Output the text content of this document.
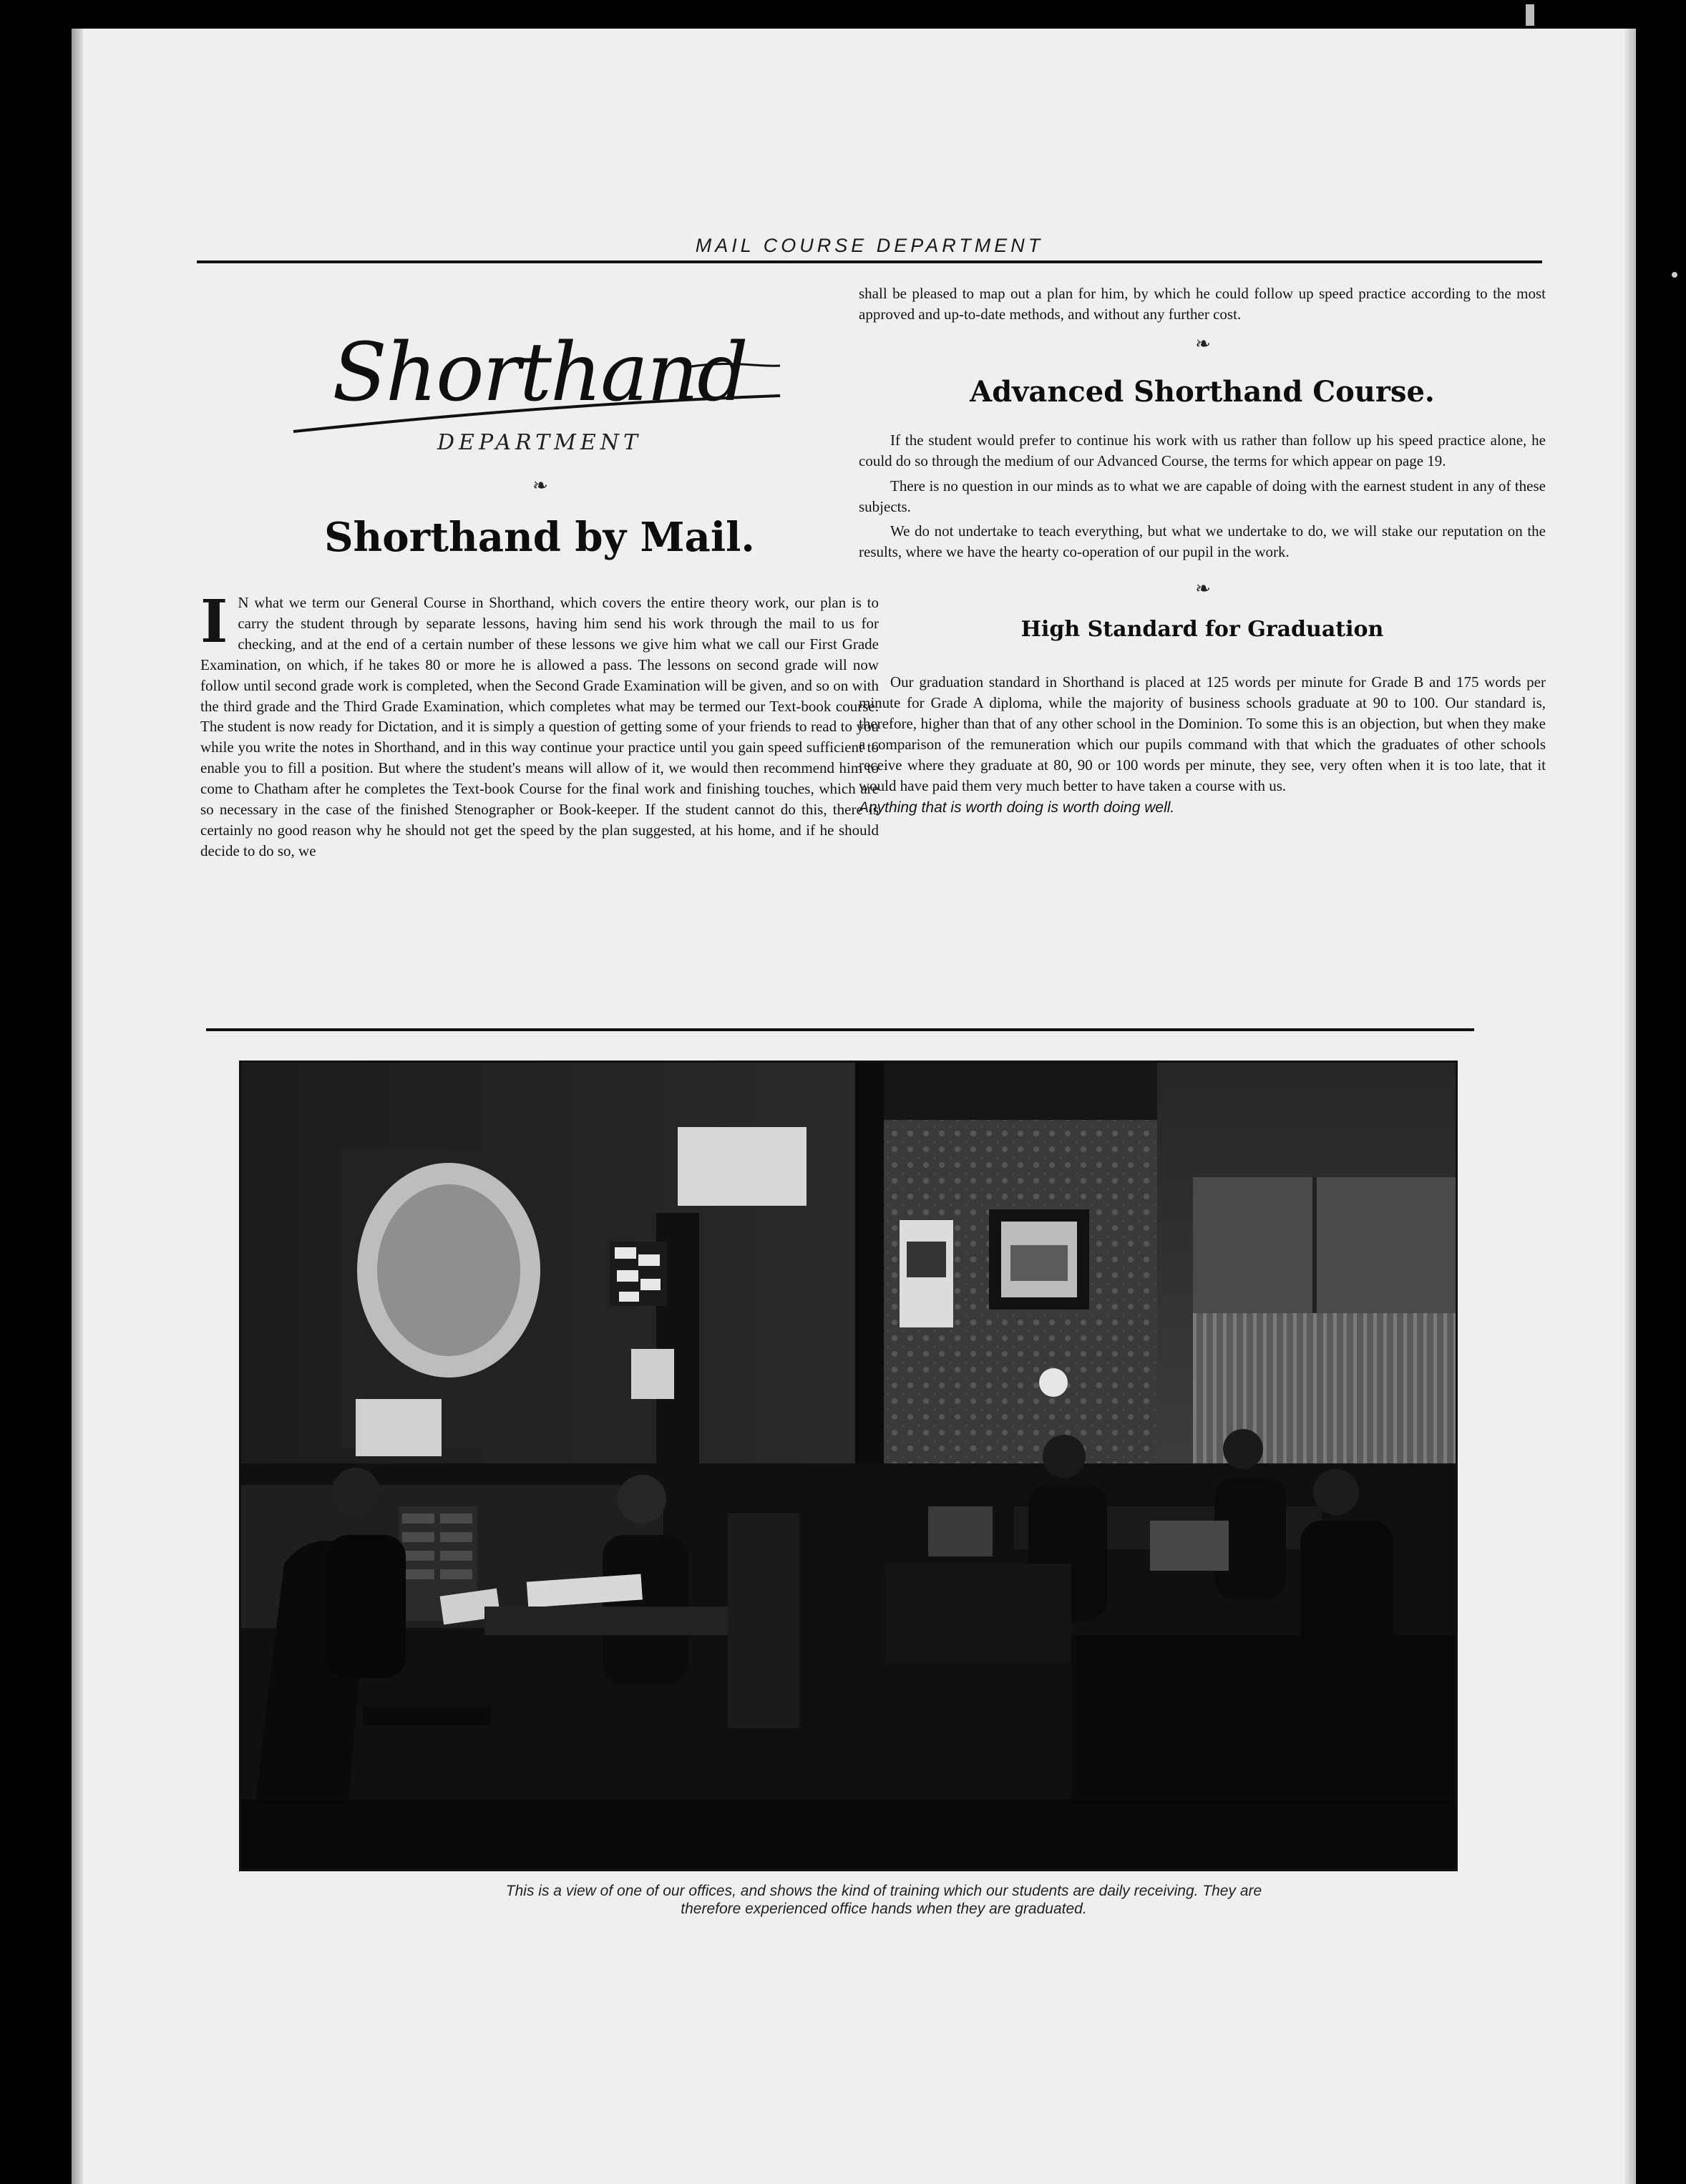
MAIL COURSE DEPARTMENT
Shorthand
DEPARTMENT
❧
Shorthand by Mail.

I N what we term our General Course in Shorthand, which covers the entire theory work, our plan is to carry the student through by separate lessons, having him send his work through the mail to us for checking, and at the end of a certain number of these lessons we give him what we call our First Grade Examination, on which, if he takes 80 or more he is allowed a pass. The lessons on second grade will now follow until second grade work is completed, when the Second Grade Examination will be given, and so on with the third grade and the Third Grade Examination, which completes what may be termed our Text-book course. The student is now ready for Dictation, and it is simply a question of getting some of your friends to read to you while you write the notes in Shorthand, and in this way continue your practice until you gain speed sufficient to enable you to fill a position. But where the student's means will allow of it, we would then recommend him to come to Chatham after he completes the Text-book Course for the final work and finishing touches, which are so necessary in the case of the finished Stenographer or Book-keeper. If the student cannot do this, there is certainly no good reason why he should not get the speed by the plan suggested, at his home, and if he should decide to do so, we

shall be pleased to map out a plan for him, by which he could follow up speed practice according to the most approved and up-to-date methods, and without any further cost.

❧
Advanced Shorthand Course.

If the student would prefer to continue his work with us rather than follow up his speed practice alone, he could do so through the medium of our Advanced Course, the terms for which appear on page 19.

There is no question in our minds as to what we are capable of doing with the earnest student in any of these subjects.

We do not undertake to teach everything, but what we undertake to do, we will stake our reputation on the results, where we have the hearty co-operation of our pupil in the work.

❧
High Standard for Graduation

Our graduation standard in Shorthand is placed at 125 words per minute for Grade B and 175 words per minute for Grade A diploma, while the majority of business schools graduate at 90 to 100. Our standard is, therefore, higher than that of any other school in the Dominion. To some this is an objection, but when they make a comparison of the remuneration which our pupils command with that which the graduates of other schools receive where they graduate at 80, 90 or 100 words per minute, they see, very often when it is too late, that it would have paid them very much better to have taken a course with us.

Anything that is worth doing is worth doing well.
This is a view of one of our offices, and shows the kind of training which our students are daily receiving. They are
therefore experienced office hands when they are graduated.
